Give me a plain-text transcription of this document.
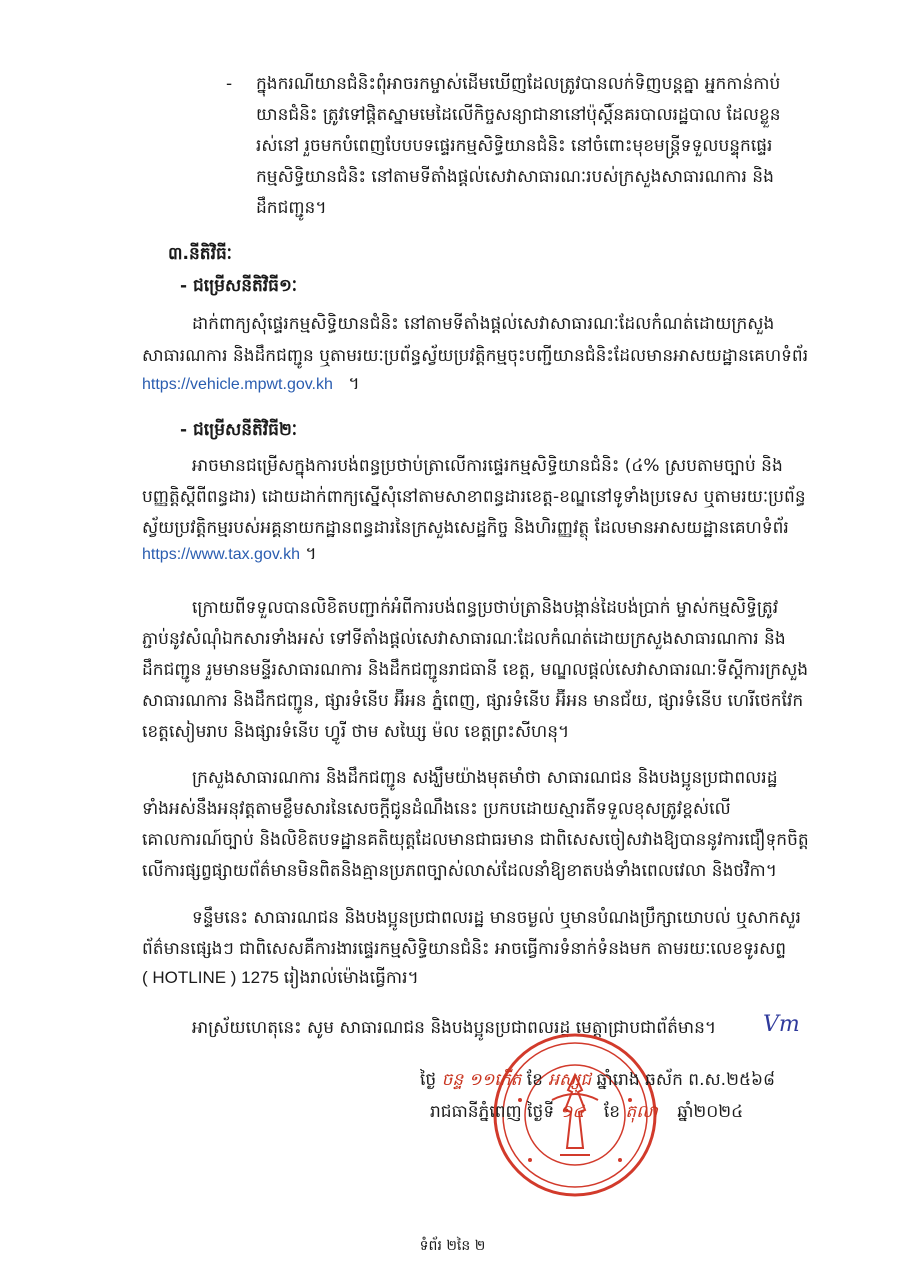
- ក្នុងករណីយានជំនិះពុំអាចរកម្ចាស់ដើមឃើញដែលត្រូវបានលក់ទិញបន្តគ្នា អ្នកកាន់កាប់
យានជំនិះ ត្រូវទៅផ្តិតស្នាមមេដៃលើកិច្ចសន្យាជានានៅប៉ុស្តិ៍នគរបាលរដ្ឋបាល ដែលខ្លួន
រស់នៅ រួចមកបំពេញបែបបទផ្ទេរកម្មសិទ្ធិយានជំនិះ នៅចំពោះមុខមន្ត្រីទទួលបន្ទុកផ្ទេរ
កម្មសិទ្ធិយានជំនិះ នៅតាមទីតាំងផ្តល់សេវាសាធារណៈរបស់ក្រសួងសាធារណការ និង
ដឹកជញ្ជូន។
៣.នីតិវិធីៈ
- ជម្រើសនីតិវិធី១ៈ
ដាក់ពាក្យសុំផ្ទេរកម្មសិទ្ធិយានជំនិះ នៅតាមទីតាំងផ្តល់សេវាសាធារណៈដែលកំណត់ដោយក្រសួង
សាធារណការ និងដឹកជញ្ជូន ឬតាមរយៈប្រព័ន្ធស្វ័យប្រវត្តិកម្មចុះបញ្ជីយានជំនិះដែលមានអាសយដ្ឋានគេហទំព័រ
https://vehicle.mpwt.gov.kh ។
- ជម្រើសនីតិវិធី២ៈ
អាចមានជម្រើសក្នុងការបង់ពន្ធប្រថាប់ត្រាលើការផ្ទេរកម្មសិទ្ធិយានជំនិះ (៤% ស្របតាមច្បាប់ និង
បញ្ញត្តិស្តីពីពន្ធដារ) ដោយដាក់ពាក្យស្នើសុំនៅតាមសាខាពន្ធដារខេត្ត-ខណ្ឌនៅទូទាំងប្រទេស ឬតាមរយៈប្រព័ន្ធ
ស្វ័យប្រវត្តិកម្មរបស់អគ្គនាយកដ្ឋានពន្ធដារនៃក្រសួងសេដ្ឋកិច្ច និងហិរញ្ញវត្ថុ ដែលមានអាសយដ្ឋានគេហទំព័រ
https://www.tax.gov.kh ។
ក្រោយពីទទួលបានលិខិតបញ្ជាក់អំពីការបង់ពន្ធប្រថាប់ត្រានិងបង្កាន់ដៃបង់ប្រាក់ ម្ចាស់កម្មសិទ្ធិត្រូវ
ភ្ជាប់នូវសំណុំឯកសារទាំងអស់ ទៅទីតាំងផ្តល់សេវាសាធារណៈដែលកំណត់ដោយក្រសួងសាធារណការ និង
ដឹកជញ្ជូន រួមមានមន្ទីរសាធារណការ និងដឹកជញ្ជូនរាជធានី ខេត្ត, មណ្ឌលផ្តល់សេវាសាធារណៈទីស្តីការក្រសួង
សាធារណការ និងដឹកជញ្ជូន, ផ្សារទំនើប អ៊ីអន ភ្នំពេញ, ផ្សារទំនើប អ៊ីអន មានជ័យ, ផ្សារទំនើប ហេរីថេកវែក
ខេត្តសៀមរាប និងផ្សារទំនើប ហ្វូរី ថាម សឃ្សៃ ម៉ល ខេត្តព្រះសីហនុ។
ក្រសួងសាធារណការ និងដឹកជញ្ជូន សង្ឃឹមយ៉ាងមុតមាំថា សាធារណជន និងបងប្អូនប្រជាពលរដ្ឋ
ទាំងអស់នឹងអនុវត្តតាមខ្លឹមសារនៃសេចក្តីជូនដំណឹងនេះ ប្រកបដោយស្មារតីទទួលខុសត្រូវខ្ពស់លើ
គោលការណ៍ច្បាប់ និងលិខិតបទដ្ឋានគតិយុត្តដែលមានជាធរមាន ជាពិសេសចៀសវាងឱ្យបាននូវការជឿទុកចិត្ត
លើការផ្សព្វផ្សាយព័ត៌មានមិនពិតនិងគ្មានប្រភពច្បាស់លាស់ដែលនាំឱ្យខាតបង់ទាំងពេលវេលា និងថវិកា។
ទន្ទឹមនេះ សាធារណជន និងបងប្អូនប្រជាពលរដ្ឋ មានចម្ងល់ ឬមានបំណងប្រឹក្សាយោបល់ ឬសាកសួរ
ព័ត៌មានផ្សេងៗ ជាពិសេសគឺការងារផ្ទេរកម្មសិទ្ធិយានជំនិះ អាចធ្វើការទំនាក់ទំនងមក តាមរយៈលេខទូរសព្ទ
( HOTLINE ) 1275 រៀងរាល់ម៉ោងធ្វើការ។
អាស្រ័យហេតុនេះ សូម សាធារណជន និងបងប្អូនប្រជាពលរដ្ឋ មេត្តាជ្រាបជាព័ត៌មាន។	Vm
ថ្ងៃ ចន្ទ ១១កើត ខែ អស្សុជ ឆ្នាំរោង ឆស័ក ព.ស.២៥៦៨
រាជធានីភ្នំពេញ ថ្ងៃទី ១៤ ខែ តុលា ឆ្នាំ២០២៤
ទំព័រ ២នៃ ២
